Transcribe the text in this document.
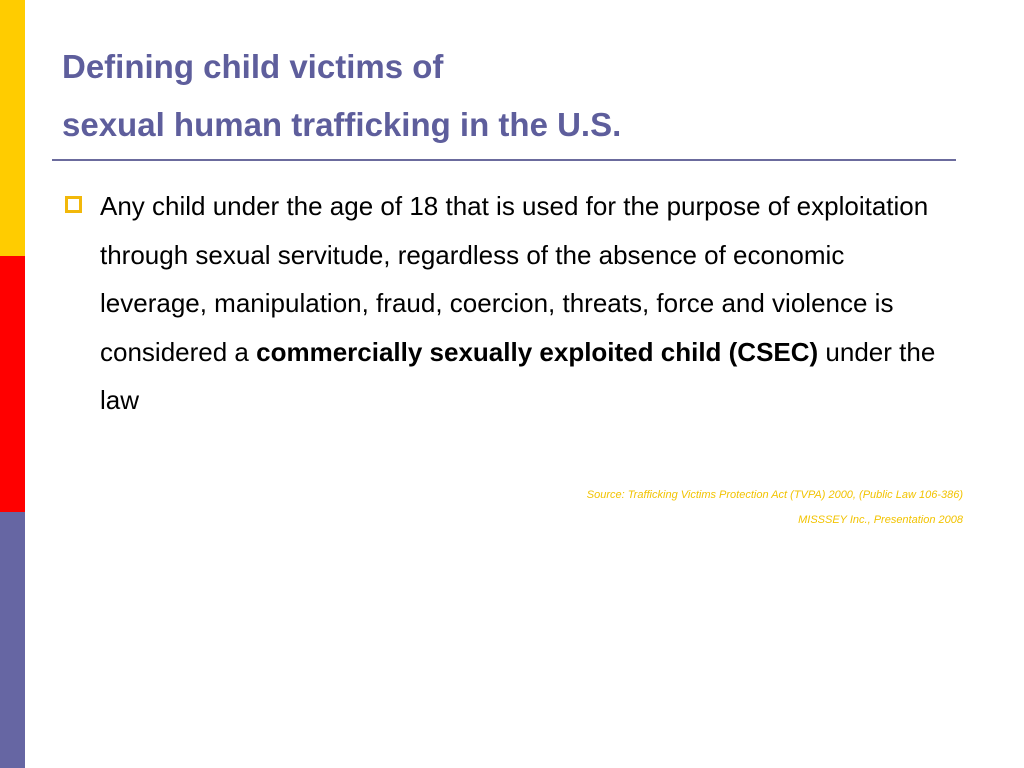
Defining child victims of
sexual human trafficking in the U.S.
Any child under the age of 18 that is used for the purpose of exploitation through sexual servitude, regardless of the absence of economic leverage, manipulation, fraud, coercion, threats, force and violence is considered a commercially sexually exploited child (CSEC) under the law
Source: Trafficking Victims Protection Act (TVPA) 2000, (Public Law 106-386)
MISSSEY Inc., Presentation 2008
